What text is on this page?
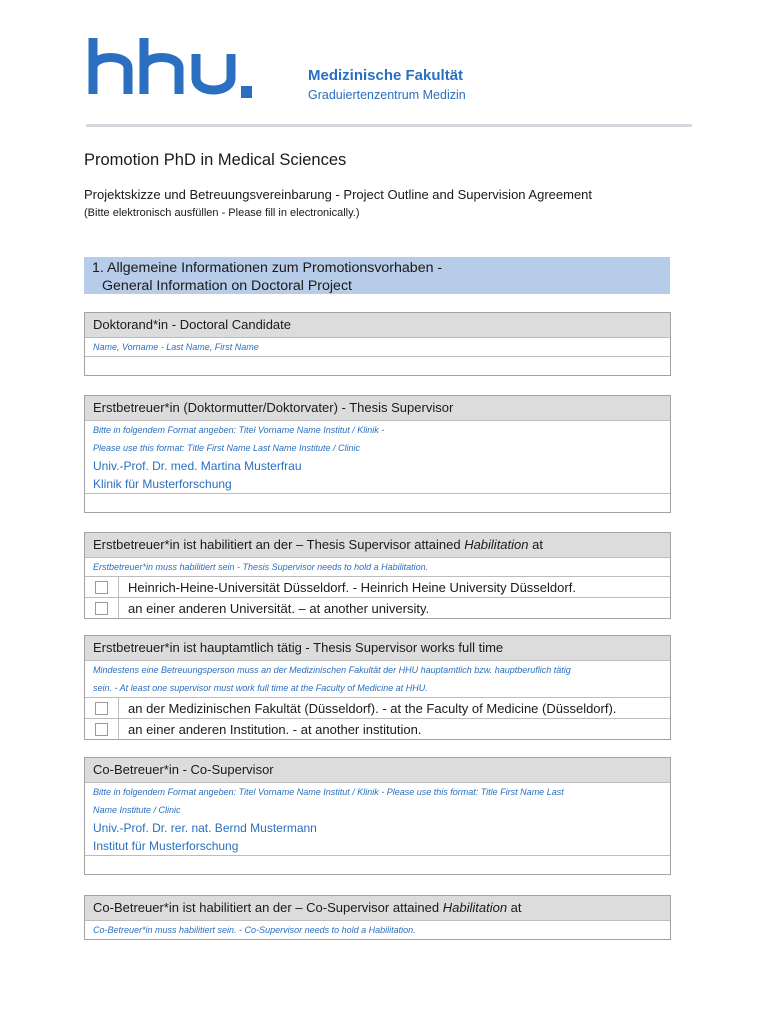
Medizinische Fakultät
Graduiertenzentrum Medizin
Promotion PhD in Medical Sciences
Projektskizze und Betreuungsvereinbarung - Project Outline and Supervision Agreement
(Bitte elektronisch ausfüllen - Please fill in electronically.)
1. Allgemeine Informationen zum Promotionsvorhaben -
General Information on Doctoral Project
Doktorand*in - Doctoral Candidate
Name, Vorname - Last Name, First Name
Erstbetreuer*in (Doktormutter/Doktorvater) - Thesis Supervisor
Bitte in folgendem Format angeben: Titel Vorname Name Institut / Klinik -
Please use this format: Title First Name Last Name Institute / Clinic
Univ.-Prof. Dr. med. Martina Musterfrau
Klinik für Musterforschung
Erstbetreuer*in ist habilitiert an der – Thesis Supervisor attained Habilitation at
Erstbetreuer*in muss habilitiert sein - Thesis Supervisor needs to hold a Habilitation.
Heinrich-Heine-Universität Düsseldorf. - Heinrich Heine University Düsseldorf.
an einer anderen Universität. – at another university.
Erstbetreuer*in ist hauptamtlich tätig - Thesis Supervisor works full time
Mindestens eine Betreuungsperson muss an der Medizinischen Fakultät der HHU hauptamtlich bzw. hauptberuflich tätig
sein. - At least one supervisor must work full time at the Faculty of Medicine at HHU.
an der Medizinischen Fakultät (Düsseldorf). - at the Faculty of Medicine (Düsseldorf).
an einer anderen Institution. - at another institution.
Co-Betreuer*in - Co-Supervisor
Bitte in folgendem Format angeben: Titel Vorname Name Institut / Klinik - Please use this format: Title First Name Last
Name Institute / Clinic
Univ.-Prof. Dr. rer. nat. Bernd Mustermann
Institut für Musterforschung
Co-Betreuer*in ist habilitiert an der – Co-Supervisor attained Habilitation at
Co-Betreuer*in muss habilitiert sein. - Co-Supervisor needs to hold a Habilitation.
